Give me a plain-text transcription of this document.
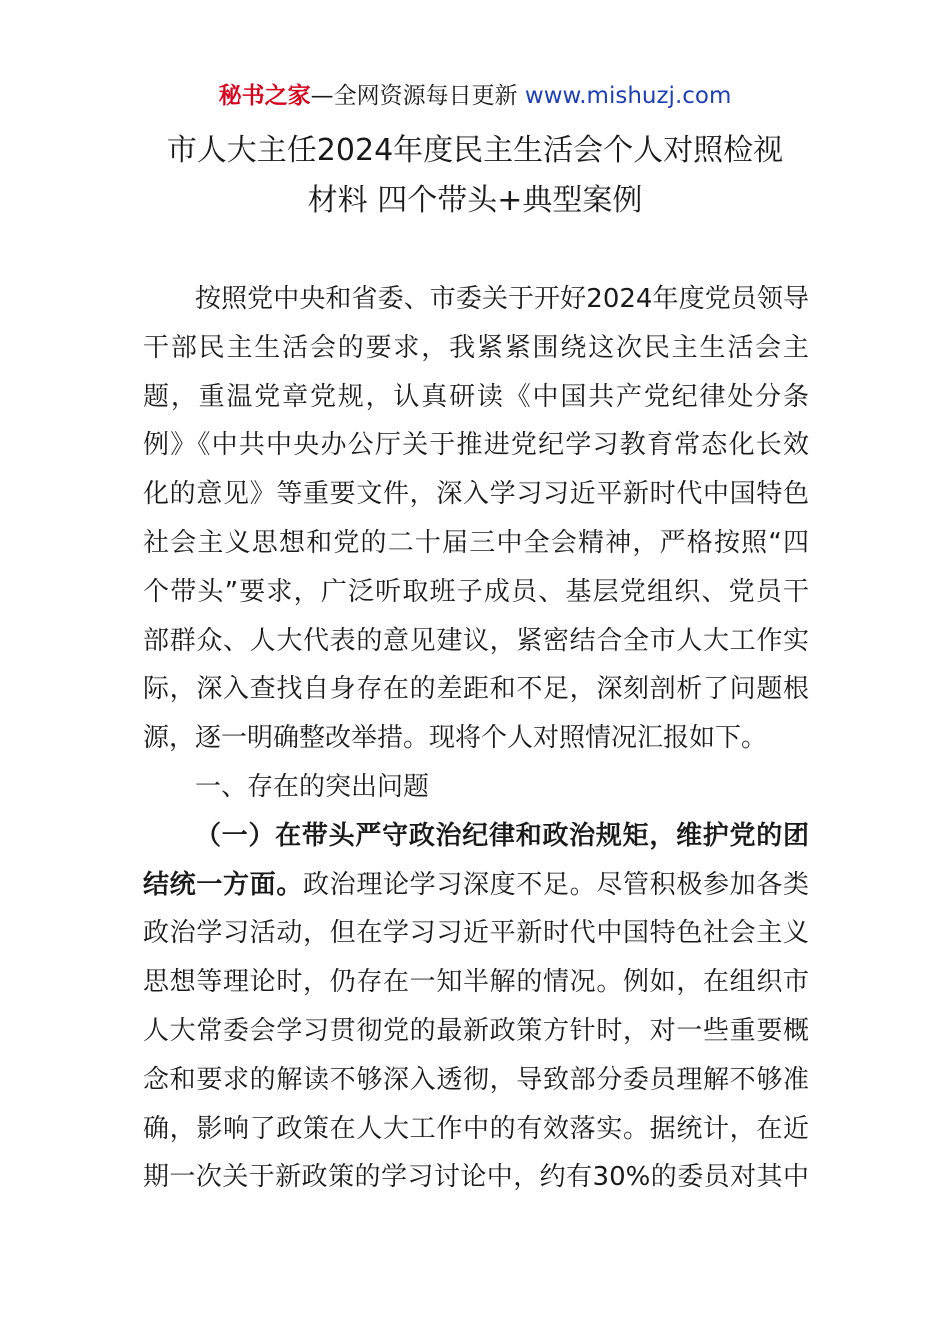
秘书之家—全网资源每日更新 www.mishuzj.com
市人大主任2024年度民主生活会个人对照检视
材料 四个带头+典型案例
按照党中央和省委、市委关于开好2024年度党员领导
干部民主生活会的要求，我紧紧围绕这次民主生活会主
题，重温党章党规，认真研读《中国共产党纪律处分条
例》《中共中央办公厅关于推进党纪学习教育常态化长效
化的意见》等重要文件，深入学习习近平新时代中国特色
社会主义思想和党的二十届三中全会精神，严格按照“四
个带头”要求，广泛听取班子成员、基层党组织、党员干
部群众、人大代表的意见建议，紧密结合全市人大工作实
际，深入查找自身存在的差距和不足，深刻剖析了问题根
源，逐一明确整改举措。现将个人对照情况汇报如下。
一、存在的突出问题
（一）在带头严守政治纪律和政治规矩，维护党的团
结统一方面。政治理论学习深度不足。尽管积极参加各类
政治学习活动，但在学习习近平新时代中国特色社会主义
思想等理论时，仍存在一知半解的情况。例如，在组织市
人大常委会学习贯彻党的最新政策方针时，对一些重要概
念和要求的解读不够深入透彻，导致部分委员理解不够准
确，影响了政策在人大工作中的有效落实。据统计，在近
期一次关于新政策的学习讨论中，约有30%的委员对其中
